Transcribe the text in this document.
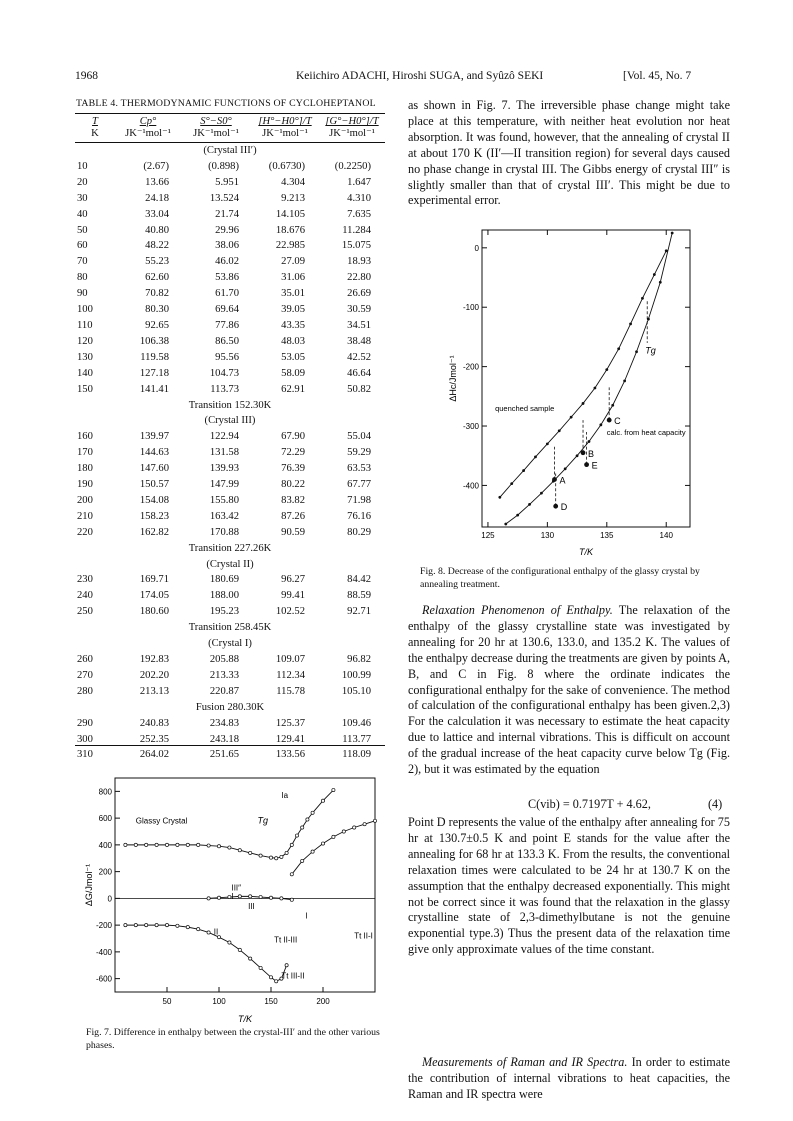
1968	Keiichiro ADACHI, Hiroshi SUGA, and Syûzô SEKI	[Vol. 45, No. 7
TABLE 4. THERMODYNAMIC FUNCTIONS OF CYCLOHEPTANOL
T	Cp°	S°−S0°	[H°−H0°]/T	[G°−H0°]/T
K	JK⁻¹mol⁻¹	JK⁻¹mol⁻¹	JK⁻¹mol⁻¹	JK⁻¹mol⁻¹
(Crystal III′)				
10	(2.67)	(0.898)	(0.6730)	(0.2250)
20	13.66	5.951	4.304	1.647
30	24.18	13.524	9.213	4.310
40	33.04	21.74	14.105	7.635
50	40.80	29.96	18.676	11.284
60	48.22	38.06	22.985	15.075
70	55.23	46.02	27.09	18.93
80	62.60	53.86	31.06	22.80
90	70.82	61.70	35.01	26.69
100	80.30	69.64	39.05	30.59
110	92.65	77.86	43.35	34.51
120	106.38	86.50	48.03	38.48
130	119.58	95.56	53.05	42.52
140	127.18	104.73	58.09	46.64
150	141.41	113.73	62.91	50.82
Transition 152.30K				
(Crystal III)				
160	139.97	122.94	67.90	55.04
170	144.63	131.58	72.29	59.29
180	147.60	139.93	76.39	63.53
190	150.57	147.99	80.22	67.77
200	154.08	155.80	83.82	71.98
210	158.23	163.42	87.26	76.16
220	162.82	170.88	90.59	80.29
Transition 227.26K				
(Crystal II)				
230	169.71	180.69	96.27	84.42
240	174.05	188.00	99.41	88.59
250	180.60	195.23	102.52	92.71
Transition 258.45K				
(Crystal I)				
260	192.83	205.88	109.07	96.82
270	202.20	213.33	112.34	100.99
280	213.13	220.87	115.78	105.10
Fusion 280.30K				
290	240.83	234.83	125.37	109.46
300	252.35	243.18	129.41	113.77
310	264.02	251.65	133.56	118.09
50	100	150	200
800
600
400
200
0
-200
-400
-600
T/K
ΔG/Jmol⁻¹
Glassy Crystal	Tg
Ia
III″
III
II
Tt II-III
Tt III-II
Tt II-I
I
I
Fig. 7. Difference in enthalpy between the crystal-III′ and the other various phases.

as shown in Fig. 7. The irreversible phase change might take place at this temperature, with neither heat evolution nor heat absorption. It was found, however, that the annealing of crystal II at about 170 K (II′—II transition region) for several days caused no phase change in crystal III. The Gibbs energy of crystal III″ is slightly smaller than that of crystal III′. This might be due to experimental error.

125	130	135	140
0
-100
-200
-300
-400
T/K
ΔHc/Jmol⁻¹
A
B
C
D
E
Tg
quenched sample
calc. from heat capacity
Fig. 8. Decrease of the configurational enthalpy of the glassy crystal by annealing treatment.

Relaxation Phenomenon of Enthalpy. The relaxation of the enthalpy of the glassy crystalline state was investigated by annealing for 20 hr at 130.6, 133.0, and 135.2 K. The values of the enthalpy decrease during the treatments are given by points A, B, and C in Fig. 8 where the ordinate indicates the configurational enthalpy for the sake of convenience. The method of calculation of the configurational enthalpy has been given.2,3) For the calculation it was necessary to estimate the heat capacity due to lattice and internal vibrations. This is difficult on account of the gradual increase of the heat capacity curve below Tg (Fig. 2), but it was estimated by the equation

C(vib) = 0.7197T + 4.62,	(4)

Point D represents the value of the enthalpy after annealing for 75 hr at 130.7±0.5 K and point E stands for the value after the annealing for 68 hr at 133.3 K. From the results, the conventional relaxation times were calculated to be 24 hr at 130.7 K on the assumption that the enthalpy decreased exponentially. This might not be correct since it was found that the relaxation in the glassy crystalline state of 2,3-dimethylbutane is not the genuine exponential type.3) Thus the present data of the relaxation time give only approximate values of the time constant.

Measurements of Raman and IR Spectra. In order to estimate the contribution of internal vibrations to heat capacities, the Raman and IR spectra were
